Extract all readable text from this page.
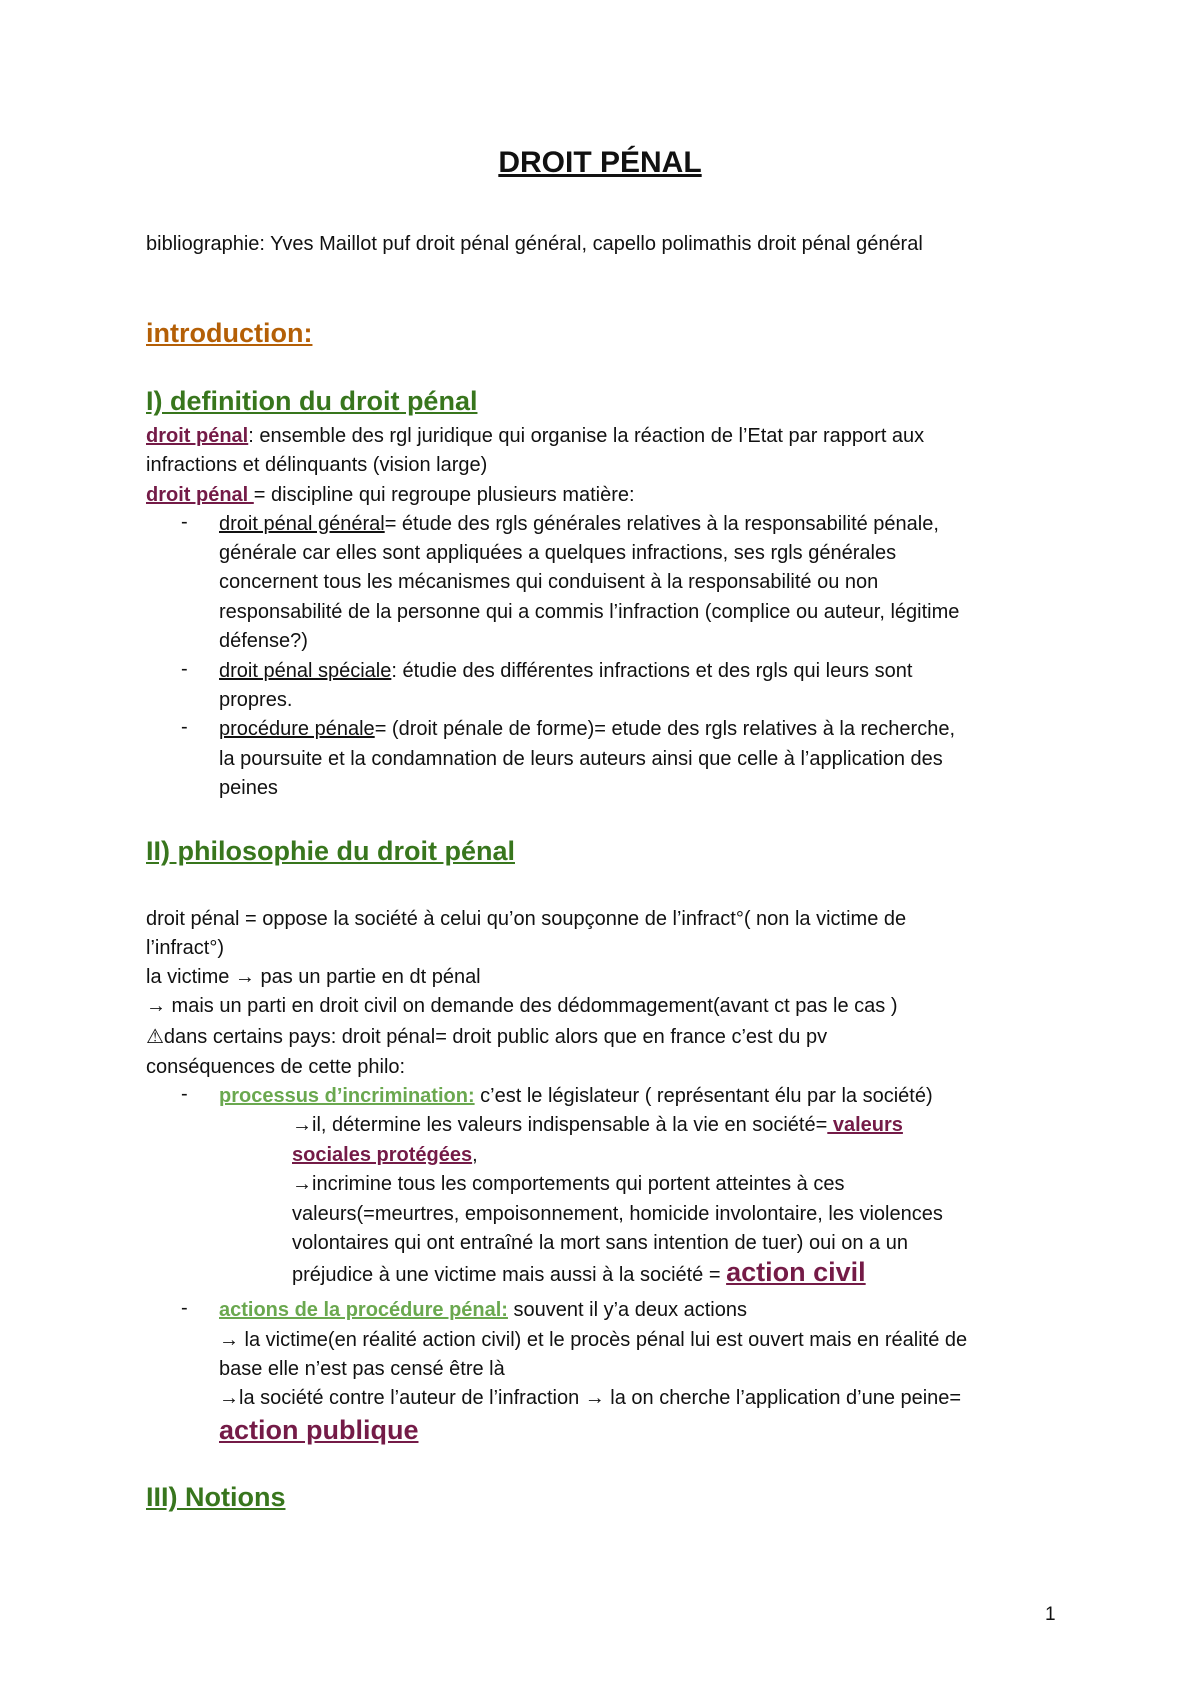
DROIT PÉNAL
bibliographie: Yves Maillot puf droit pénal général, capello polimathis droit pénal général
introduction:
I) definition du droit pénal
droit pénal: ensemble des rgl juridique qui organise la réaction de l’Etat par rapport aux
infractions et délinquants (vision large)
droit pénal = discipline qui regroupe plusieurs matière:
- droit pénal général= étude des rgls générales relatives à la responsabilité pénale,
générale car elles sont appliquées a quelques infractions, ses rgls générales
concernent tous les mécanismes qui conduisent à la responsabilité ou non
responsabilité de la personne qui a commis l’infraction (complice ou auteur, légitime
défense?)
- droit pénal spéciale: étudie des différentes infractions et des rgls qui leurs sont
propres.
- procédure pénale= (droit pénale de forme)= etude des rgls relatives à la recherche,
la poursuite et la condamnation de leurs auteurs ainsi que celle à l’application des
peines
II) philosophie du droit pénal
droit pénal = oppose la société à celui qu’on soupçonne de l’infract°( non la victime de
l’infract°)
la victime → pas un partie en dt pénal
→ mais un parti en droit civil on demande des dédommagement(avant ct pas le cas )
⚠dans certains pays: droit pénal= droit public alors que en france c’est du pv
conséquences de cette philo:
- processus d’incrimination: c’est le législateur ( représentant élu par la société)
→il, détermine les valeurs indispensable à la vie en société= valeurs
sociales protégées,
→incrimine tous les comportements qui portent atteintes à ces
valeurs(=meurtres, empoisonnement, homicide involontaire, les violences
volontaires qui ont entraîné la mort sans intention de tuer) oui on a un
préjudice à une victime mais aussi à la société = action civil
- actions de la procédure pénal: souvent il y’a deux actions
→ la victime(en réalité action civil) et le procès pénal lui est ouvert mais en réalité de
base elle n’est pas censé être là
→la société contre l’auteur de l’infraction → la on cherche l’application d’une peine=
action publique
III) Notions
1
